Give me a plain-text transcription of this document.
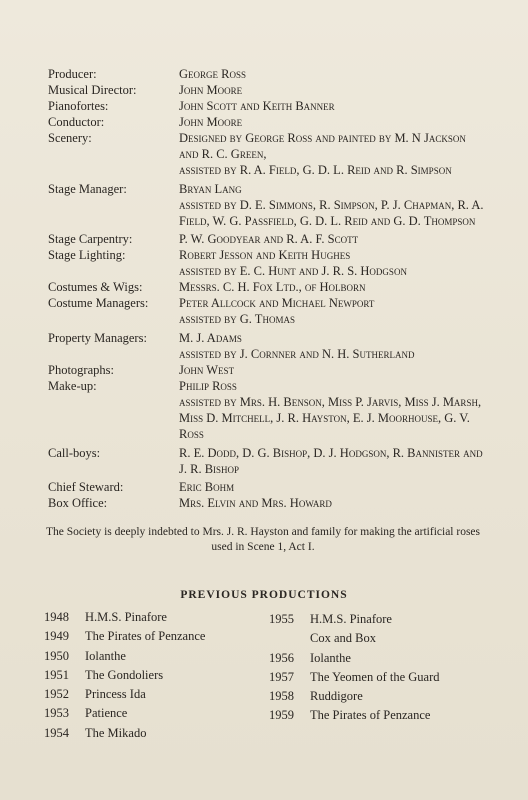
Producer:	George Ross
Musical Director:	John Moore
Pianofortes:	John Scott and Keith Banner
Conductor:	John Moore
Scenery:	Designed by George Ross and painted by M. N Jackson and R. C. Green,
assisted by R. A. Field, G. D. L. Reid and R. Simpson
Stage Manager:	Bryan Lang
assisted by D. E. Simmons, R. Simpson, P. J. Chapman, R. A. Field, W. G. Passfield, G. D. L. Reid and G. D. Thompson
Stage Carpentry:	P. W. Goodyear and R. A. F. Scott
Stage Lighting:	Robert Jesson and Keith Hughes
assisted by E. C. Hunt and J. R. S. Hodgson
Costumes & Wigs:	Messrs. C. H. Fox Ltd., of Holborn
Costume Managers:	Peter Allcock and Michael Newport
assisted by G. Thomas
Property Managers:	M. J. Adams
assisted by J. Cornner and N. H. Sutherland
Photographs:	John West
Make-up:	Philip Ross
assisted by Mrs. H. Benson, Miss P. Jarvis, Miss J. Marsh, Miss D. Mitchell, J. R. Hayston, E. J. Moorhouse, G. V. Ross
Call-boys:	R. E. Dodd, D. G. Bishop, D. J. Hodgson, R. Bannister and J. R. Bishop
Chief Steward:	Eric Bohm
Box Office:	Mrs. Elvin and Mrs. Howard
The Society is deeply indebted to Mrs. J. R. Hayston and family for making the artificial roses used in Scene 1, Act I.
PREVIOUS PRODUCTIONS
1948 H.M.S. Pinafore
1949 The Pirates of Penzance
1950 Iolanthe
1951 The Gondoliers
1952 Princess Ida
1953 Patience
1954 The Mikado
1955 H.M.S. Pinafore
Cox and Box
1956 Iolanthe
1957 The Yeomen of the Guard
1958 Ruddigore
1959 The Pirates of Penzance
